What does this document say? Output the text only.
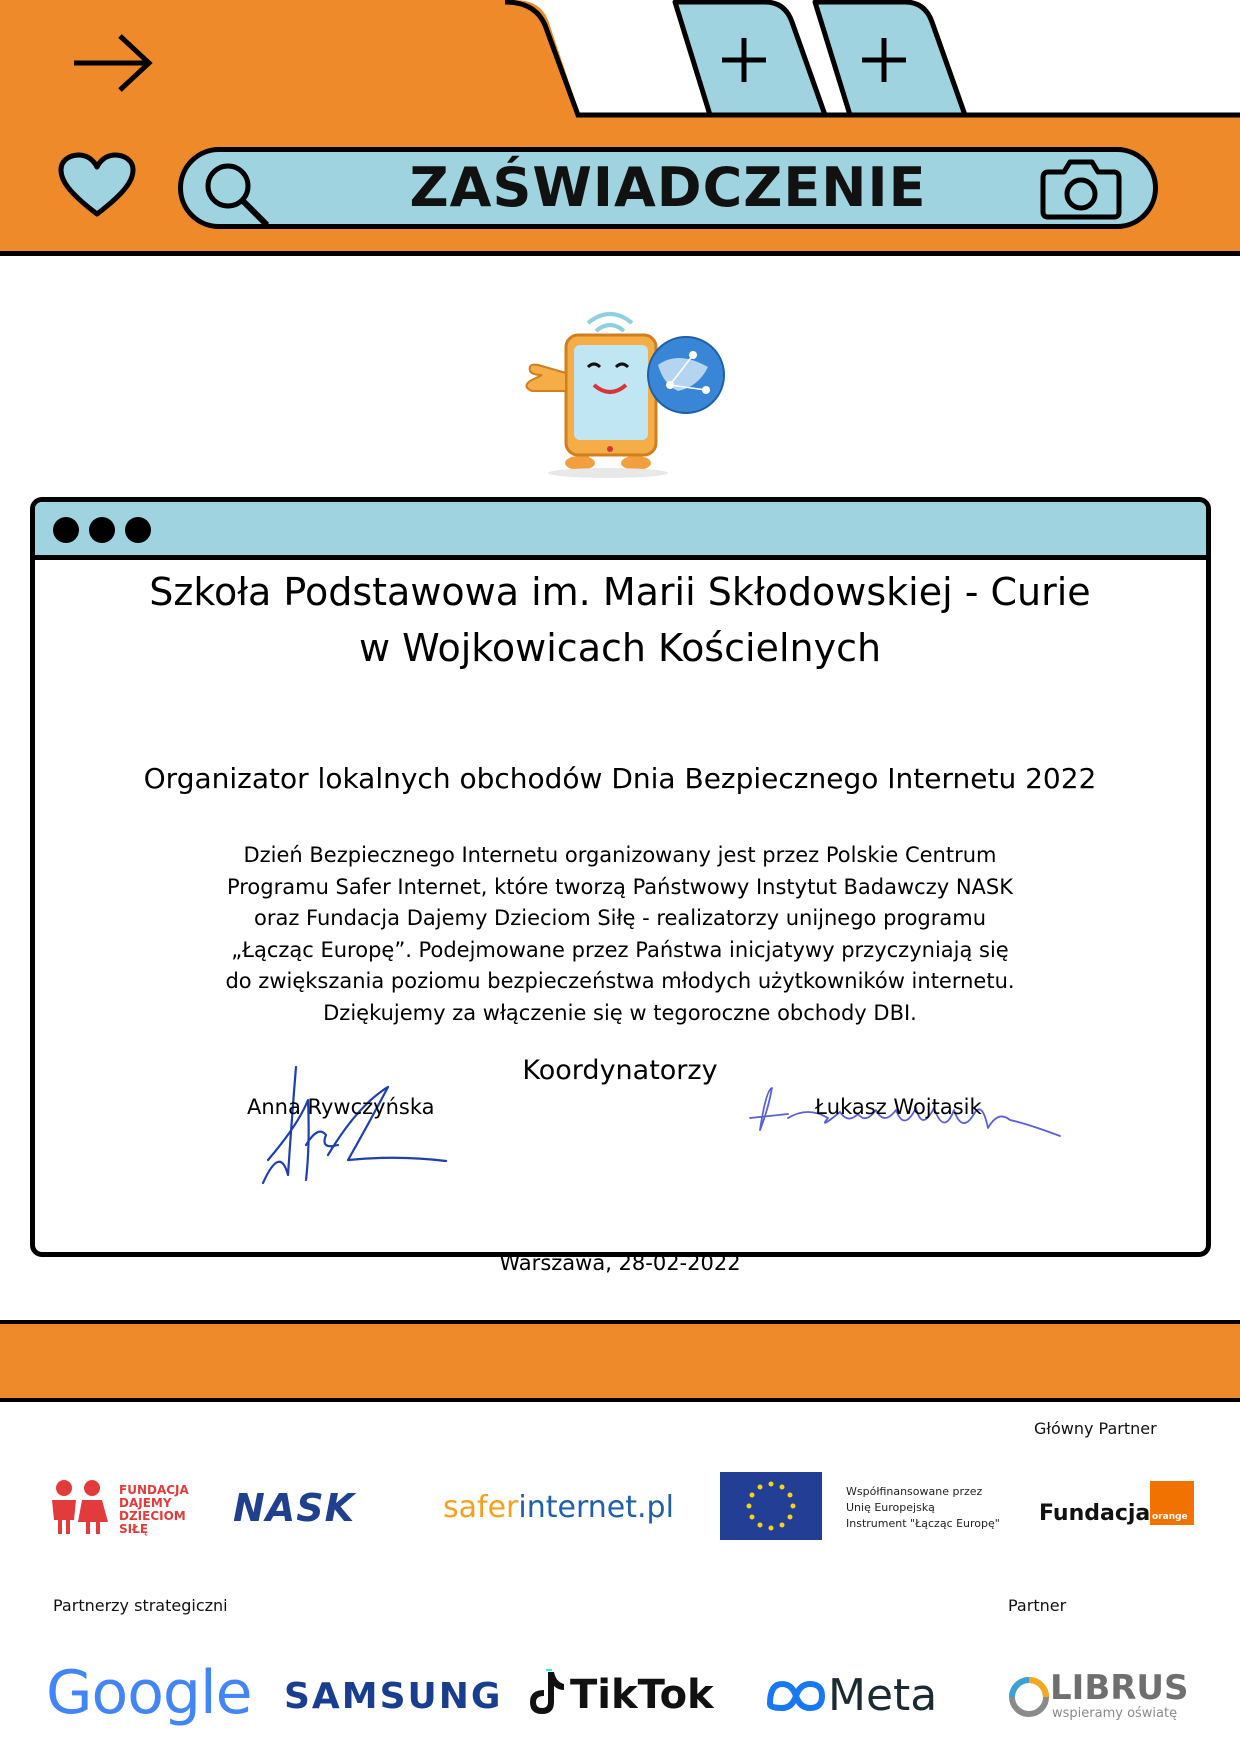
ZAŚWIADCZENIE
Szkoła Podstawowa im. Marii Skłodowskiej - Curie
w Wojkowicach Kościelnych
Organizator lokalnych obchodów Dnia Bezpiecznego Internetu 2022
Dzień Bezpiecznego Internetu organizowany jest przez Polskie Centrum
Programu Safer Internet, które tworzą Państwowy Instytut Badawczy NASK
oraz Fundacja Dajemy Dzieciom Siłę - realizatorzy unijnego programu
„Łącząc Europę”. Podejmowane przez Państwa inicjatywy przyczyniają się
do zwiększania poziomu bezpieczeństwa młodych użytkowników internetu.
Dziękujemy za włączenie się w tegoroczne obchody DBI.
Koordynatorzy
Anna Rywczyńska	Łukasz Wojtasik
Warszawa, 28-02-2022
Główny Partner
FUNDACJA
DAJEMY
DZIECIOM
SIŁĘ	NASK	saferinternet.pl	Współfinansowane przez
Unię Europejską
Instrument "Łącząc Europę" Fundacja orange
Partnerzy strategiczni	Partner
Google SAMSUNG TikTok	Meta	LIBRUS
wspieramy oświatę
